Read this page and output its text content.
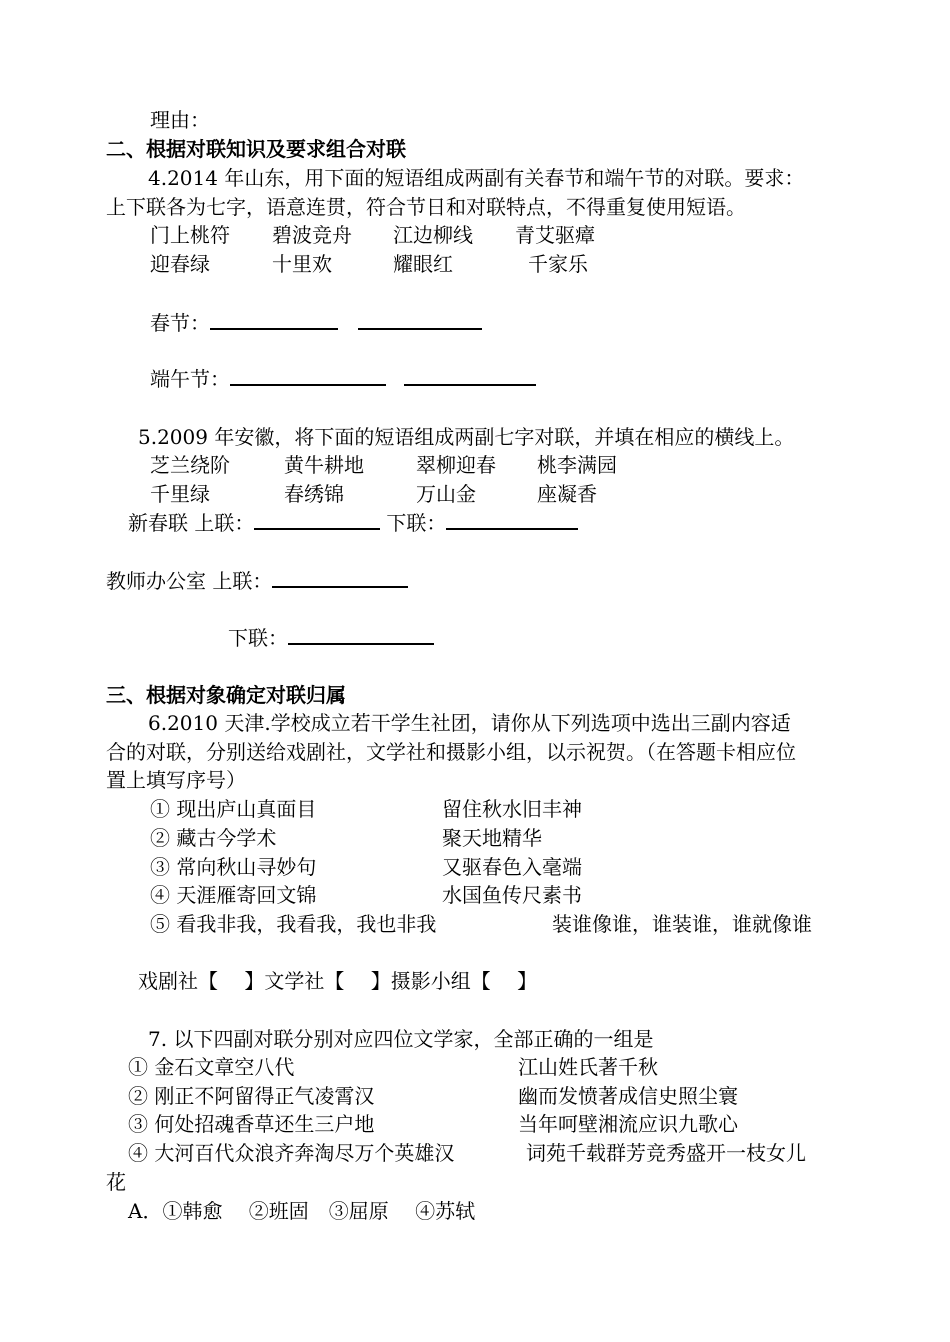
理由：
二、根据对联知识及要求组合对联
4.2014 年山东，用下面的短语组成两副有关春节和端午节的对联。要求：
上下联各为七字，语意连贯，符合节日和对联特点，不得重复使用短语。
门上桃符 碧波竞舟 江边柳线 青艾驱瘴
迎春绿	十里欢	耀眼红	千家乐
春节：
端午节：
5.2009 年安徽，将下面的短语组成两副七字对联，并填在相应的横线上。
芝兰绕阶	黄牛耕地	翠柳迎春 桃李满园
千里绿	春绣锦	万山金	座凝香
新春联 上联：	下联：
教师办公室 上联：
下联：
三、根据对象确定对联归属
6.2010 天津.学校成立若干学生社团，请你从下列选项中选出三副内容适
合的对联，分别送给戏剧社，文学社和摄影小组，以示祝贺。（在答题卡相应位
置上填写序号）
① 现出庐山真面目	留住秋水旧丰神
② 藏古今学术	聚天地精华
③ 常向秋山寻妙句	又驱春色入毫端
④ 天涯雁寄回文锦	水国鱼传尺素书
⑤ 看我非我，我看我，我也非我	装谁像谁，谁装谁，谁就像谁
戏剧社【　 】文学社【　 】摄影小组【　 】
7. 以下四副对联分别对应四位文学家，全部正确的一组是
① 金石文章空八代	江山姓氏著千秋
② 刚正不阿留得正气凌霄汉	幽而发愤著成信史照尘寰
③ 何处招魂香草还生三户地	当年呵壁湘流应识九歌心
④ 大河百代众浪齐奔淘尽万个英雄汉	词苑千载群芳竞秀盛开一枝女儿
花
A．①韩愈　 ②班固　③屈原　 ④苏轼
